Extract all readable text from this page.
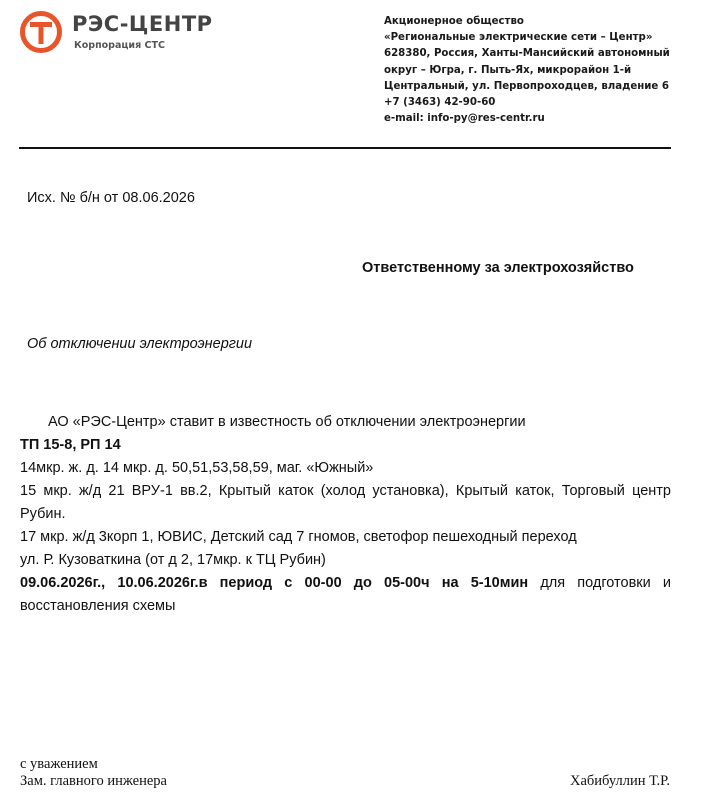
РЭС-ЦЕНТР
Корпорация СТС
Акционерное общество
«Региональные электрические сети – Центр»
628380, Россия, Ханты-Мансийский автономный
округ – Югра, г. Пыть-Ях, микрорайон 1-й
Центральный, ул. Первопроходцев, владение 6
+7 (3463) 42-90-60
e-mail: info-py@res-centr.ru
Исх. № б/н от 08.06.2026
Ответственному за электрохозяйство
Об отключении электроэнергии

АО «РЭС-Центр» ставит в известность об отключении электроэнергии

ТП 15-8, РП 14

14мкр. ж. д. 14 мкр. д. 50,51,53,58,59, маг. «Южный»

15 мкр. ж/д 21 ВРУ-1 вв.2, Крытый каток (холод установка), Крытый каток, Торговый центр Рубин.

17 мкр. ж/д 3корп 1, ЮВИС, Детский сад 7 гномов, светофор пешеходный переход

ул. Р. Кузоваткина (от д 2, 17мкр. к ТЦ Рубин)

09.06.2026г., 10.06.2026г.в период с 00-00 до 05-00ч на 5-10мин для подготовки и восстановления схемы

с уважением
Зам. главного инженера	Хабибуллин Т.Р.
